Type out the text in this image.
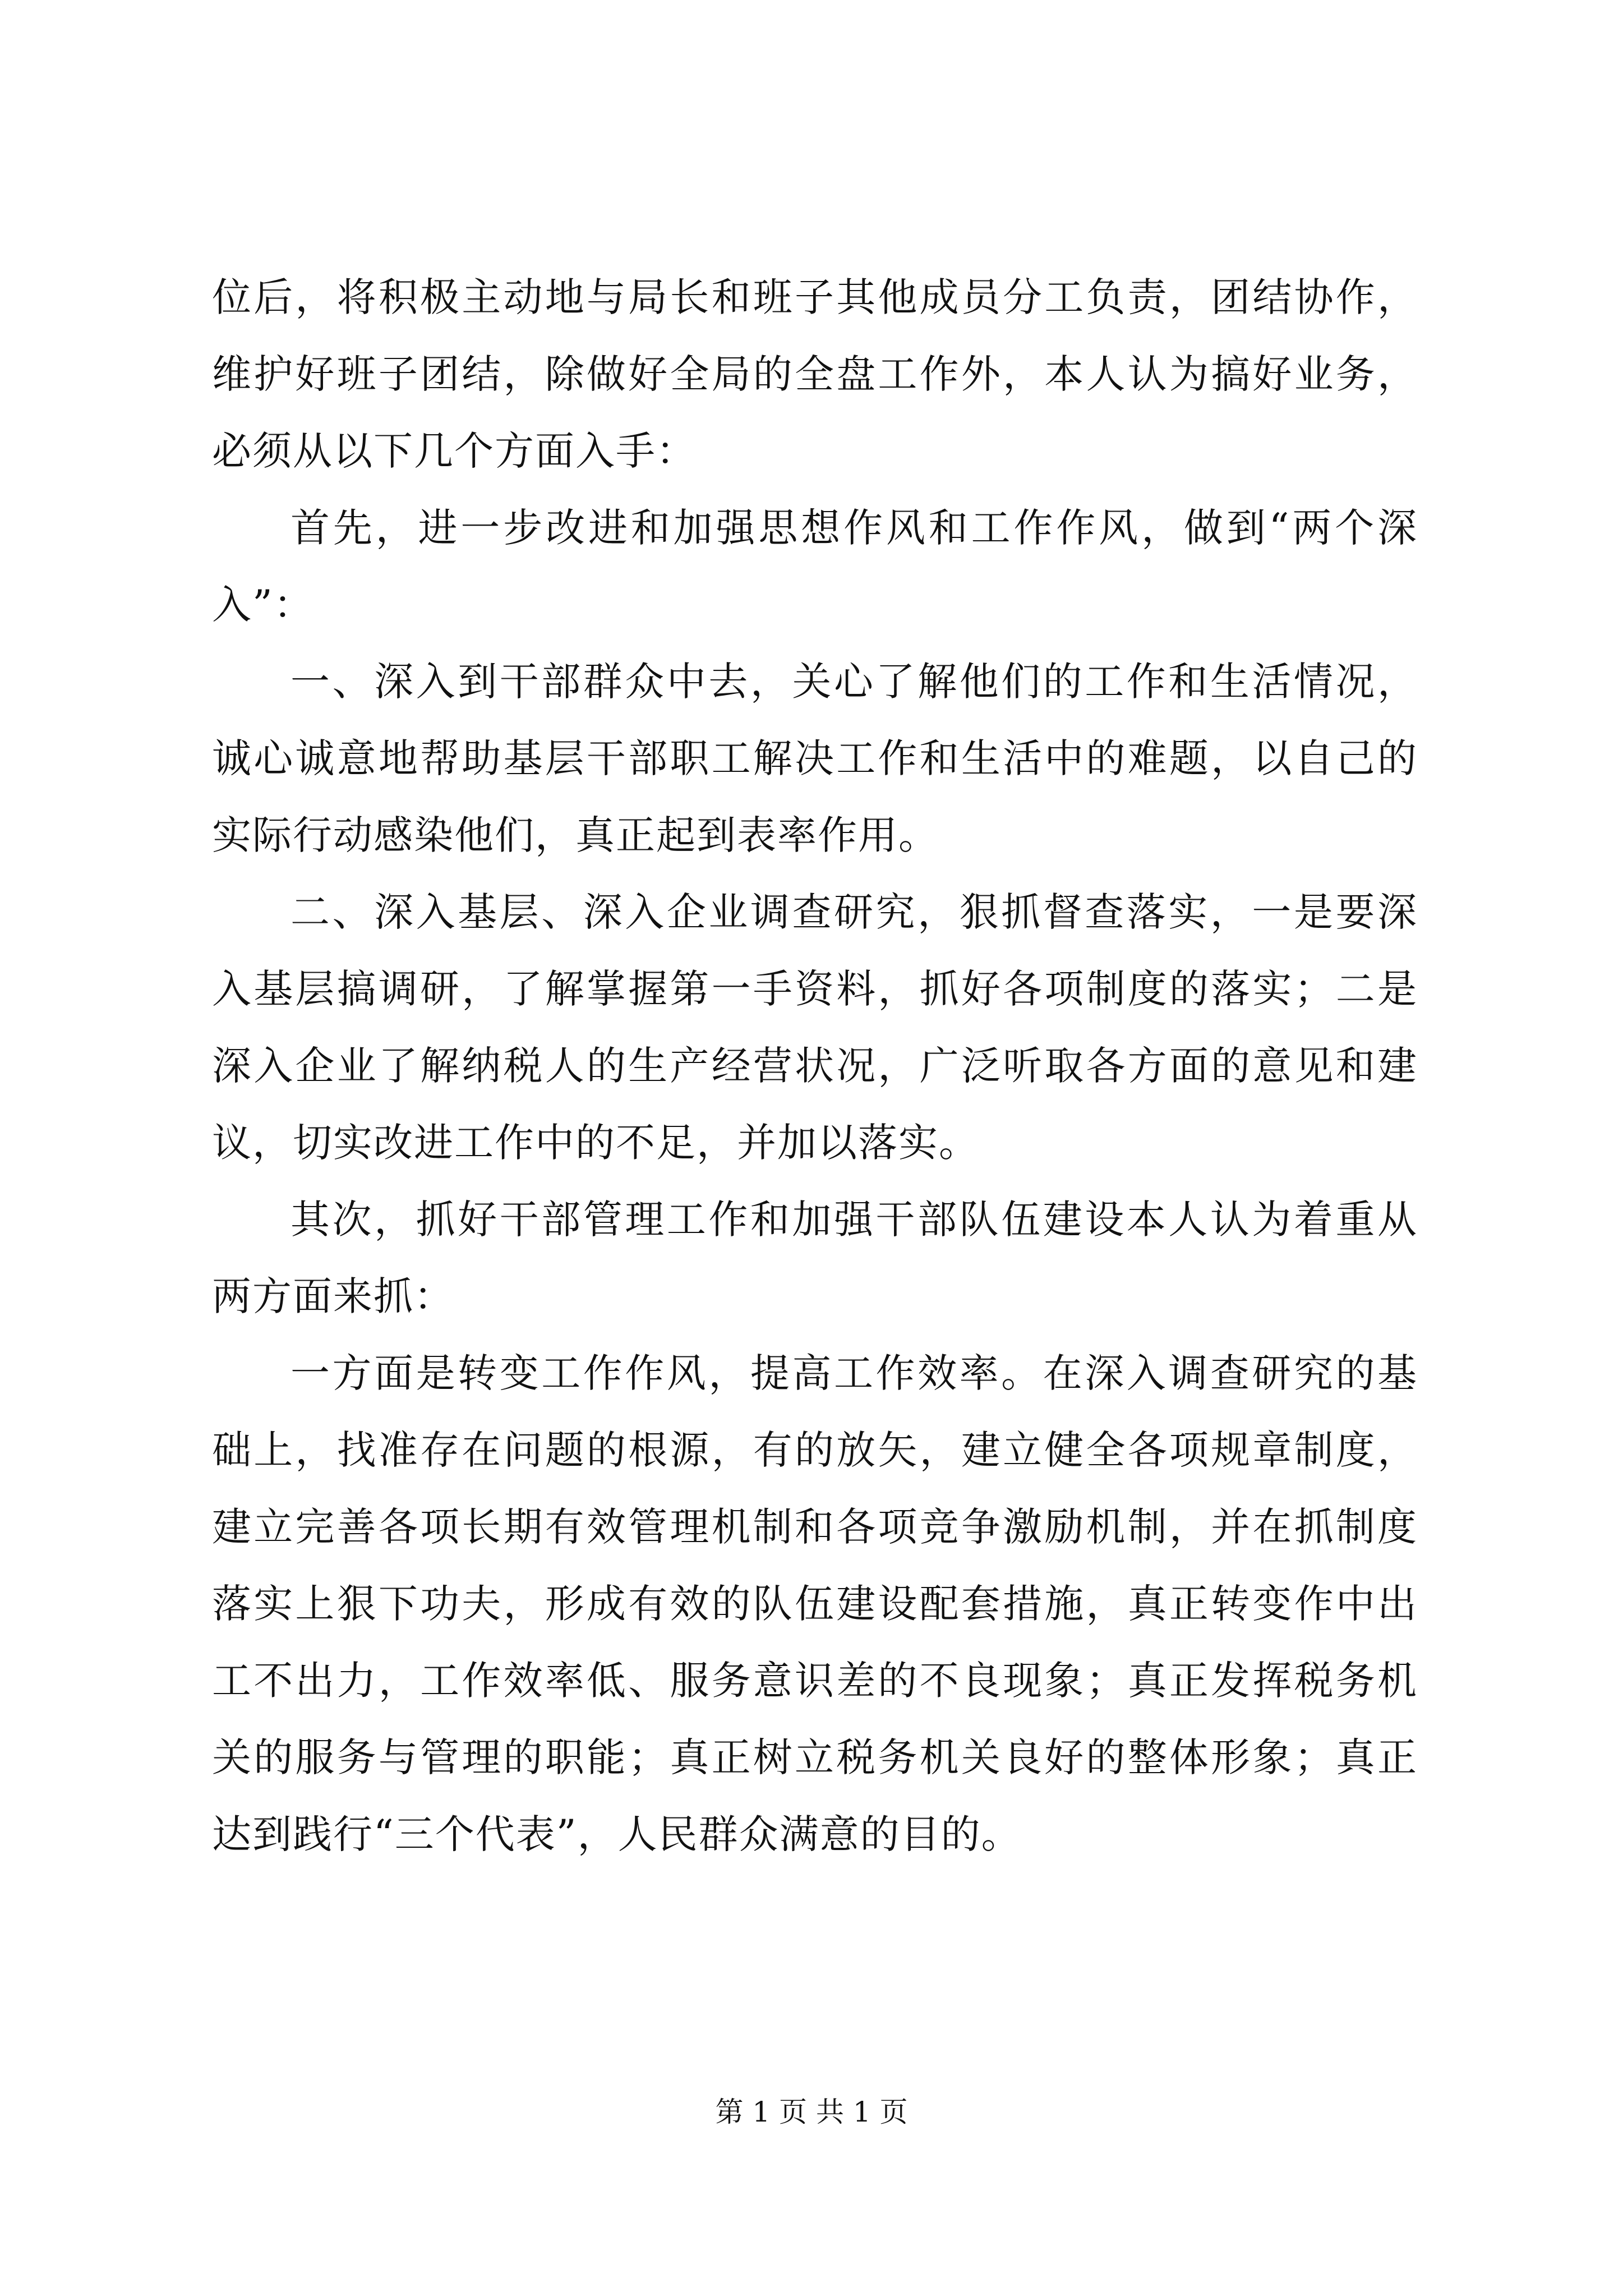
位后，将积极主动地与局长和班子其他成员分工负责，团结协作，维护好班子团结，除做好全局的全盘工作外，本人认为搞好业务，必须从以下几个方面入手：

首先，进一步改进和加强思想作风和工作作风，做到“两个深入”：

一、深入到干部群众中去，关心了解他们的工作和生活情况，诚心诚意地帮助基层干部职工解决工作和生活中的难题，以自己的实际行动感染他们，真正起到表率作用。

二、深入基层、深入企业调查研究，狠抓督查落实，一是要深入基层搞调研，了解掌握第一手资料，抓好各项制度的落实；二是深入企业了解纳税人的生产经营状况，广泛听取各方面的意见和建议，切实改进工作中的不足，并加以落实。

其次，抓好干部管理工作和加强干部队伍建设本人认为着重从两方面来抓：

一方面是转变工作作风，提高工作效率。在深入调查研究的基础上，找准存在问题的根源，有的放矢，建立健全各项规章制度，建立完善各项长期有效管理机制和各项竞争激励机制，并在抓制度落实上狠下功夫，形成有效的队伍建设配套措施，真正转变作中出工不出力，工作效率低、服务意识差的不良现象；真正发挥税务机关的服务与管理的职能；真正树立税务机关良好的整体形象；真正达到践行“三个代表”，人民群众满意的目的。

第 1 页 共 1 页
